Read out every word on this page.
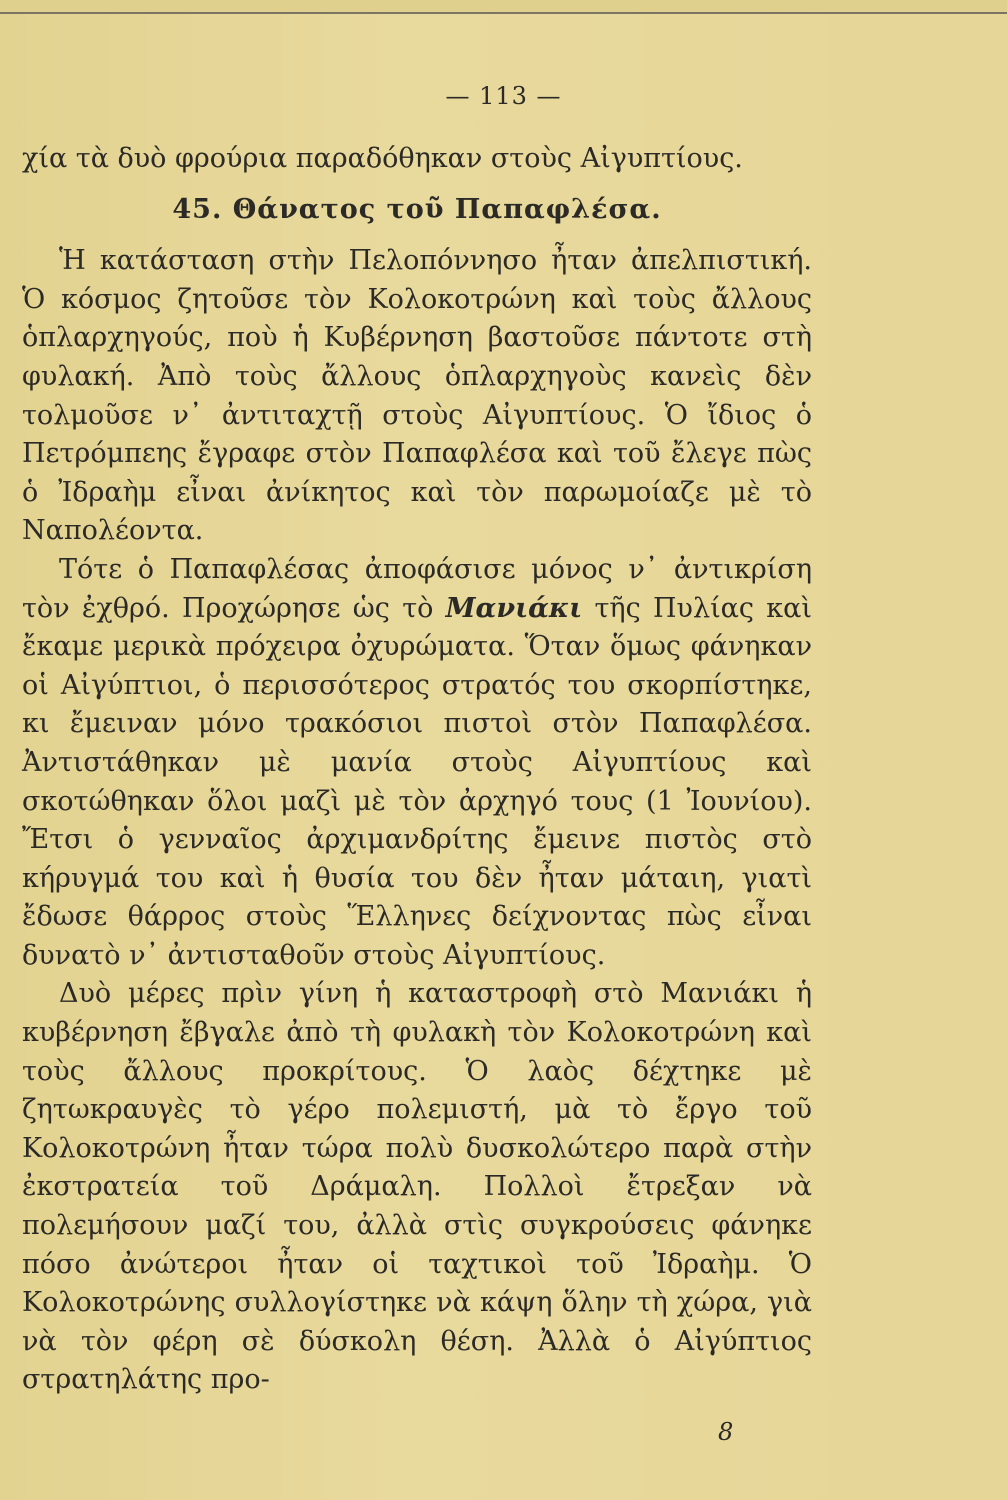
— 113 —

χία τὰ δυὸ φρούρια παραδόθηκαν στοὺς Αἰγυπτίους.

45. Θάνατος τοῦ Παπαφλέσα.

Ἡ κατάσταση στὴν Πελοπόννησο ἦταν ἀπελπιστική. Ὁ κόσμος ζητοῦσε τὸν Κολοκοτρώνη καὶ τοὺς ἄλλους ὁπλαρχηγούς, ποὺ ἡ Κυβέρνηση βαστοῦσε πάντοτε στὴ φυλακή. Ἀπὸ τοὺς ἄλλους ὁπλαρχηγοὺς κανεὶς δὲν τολμοῦσε ν᾿ ἀντιταχτῇ στοὺς Αἰγυπτίους. Ὁ ἴδιος ὁ Πετρόμπεης ἔγραφε στὸν Παπαφλέσα καὶ τοῦ ἔλεγε πὼς ὁ Ἰδραὴμ εἶναι ἀνίκητος καὶ τὸν παρωμοίαζε μὲ τὸ Ναπολέοντα.

Τότε ὁ Παπαφλέσας ἀποφάσισε μόνος ν᾿ ἀντικρίση τὸν ἐχθρό. Προχώρησε ὡς τὸ Μανιάκι τῆς Πυλίας καὶ ἔκαμε μερικὰ πρόχειρα ὀχυρώματα. Ὅταν ὅμως φάνηκαν οἱ Αἰγύπτιοι, ὁ περισσότερος στρατός του σκορπίστηκε, κι ἔμειναν μόνο τρακόσιοι πιστοὶ στὸν Παπαφλέσα. Ἀντιστάθηκαν μὲ μανία στοὺς Αἰγυπτίους καὶ σκοτώθηκαν ὅλοι μαζὶ μὲ τὸν ἀρχηγό τους (1 Ἰουνίου). Ἔτσι ὁ γενναῖος ἀρχιμανδρίτης ἔμεινε πιστὸς στὸ κήρυγμά του καὶ ἡ θυσία του δὲν ἦταν μάταιη, γιατὶ ἔδωσε θάρρος στοὺς Ἕλληνες δείχνοντας πὼς εἶναι δυνατὸ ν᾿ ἀντισταθοῦν στοὺς Αἰγυπτίους.

Δυὸ μέρες πρὶν γίνη ἡ καταστροφὴ στὸ Μανιάκι ἡ κυβέρνηση ἔβγαλε ἀπὸ τὴ φυλακὴ τὸν Κολοκοτρώνη καὶ τοὺς ἄλλους προκρίτους. Ὁ λαὸς δέχτηκε μὲ ζητωκραυγὲς τὸ γέρο πολεμιστή, μὰ τὸ ἔργο τοῦ Κολοκοτρώνη ἦταν τώρα πολὺ δυσκολώτερο παρὰ στὴν ἐκστρατεία τοῦ Δράμαλη. Πολλοὶ ἔτρεξαν νὰ πολεμήσουν μαζί του, ἀλλὰ στὶς συγκρούσεις φάνηκε πόσο ἀνώτεροι ἦταν οἱ ταχτικοὶ τοῦ Ἰδραὴμ. Ὁ Κολοκοτρώνης συλλογίστηκε νὰ κάψη ὅλην τὴ χώρα, γιὰ νὰ τὸν φέρη σὲ δύσκολη θέση. Ἀλλὰ ὁ Αἰγύπτιος στρατηλάτης προ-

8
